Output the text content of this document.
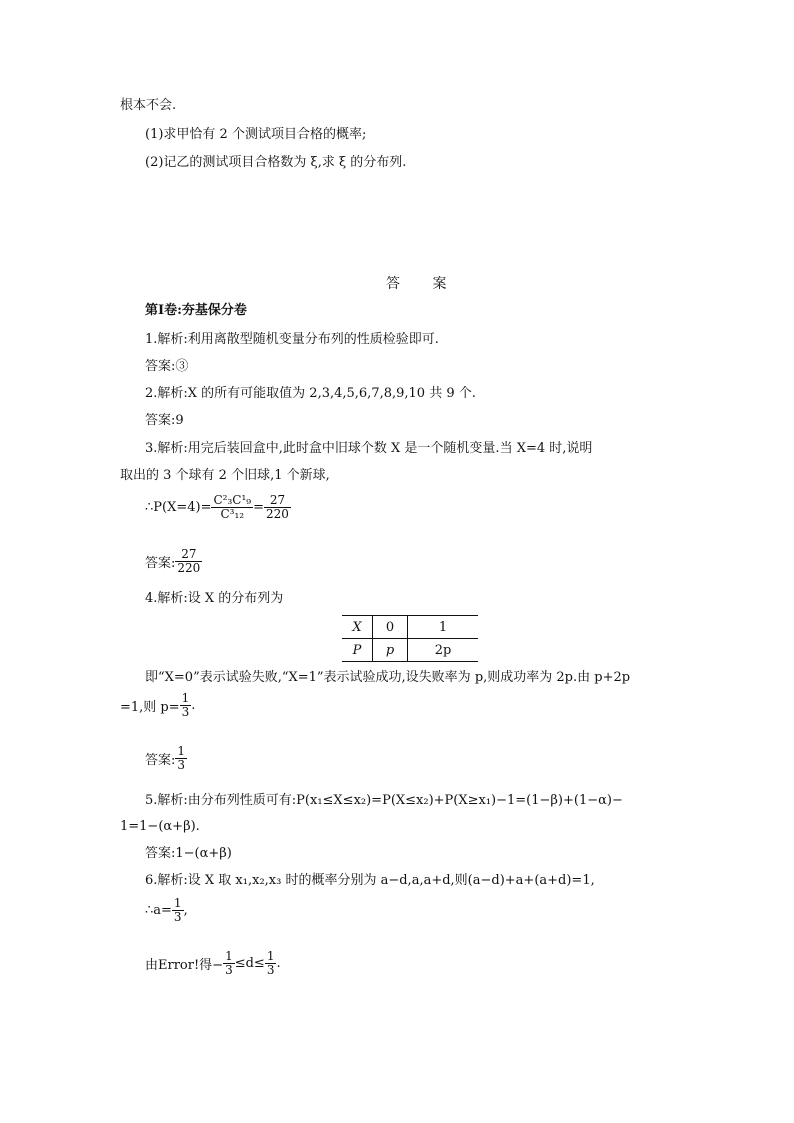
根本不会.
(1)求甲恰有 2 个测试项目合格的概率;
(2)记乙的测试项目合格数为 ξ,求 ξ 的分布列.
答 案
第Ⅰ卷:夯基保分卷
1.解析:利用离散型随机变量分布列的性质检验即可.
答案:③
2.解析:X 的所有可能取值为 2,3,4,5,6,7,8,9,10 共 9 个.
答案:9
3.解析:用完后装回盒中,此时盒中旧球个数 X 是一个随机变量.当 X=4 时,说明
取出的 3 个球有 2 个旧球,1 个新球,
∴P(X=4)= $\frac{\text{C²₃C¹₉}}{\text{C³₁₂}} = \frac{27}{220}$
答案: $\frac{27}{220}$
4.解析:设 X 的分布列为
X	0	1
P	p	2p
即“X=0”表示试验失败,“X=1”表示试验成功,设失败率为 p,则成功率为 2p.由 p+2p
=1,则 $p= \frac{1}{3}$ .
答案: $\frac{1}{3}$
5.解析:由分布列性质可有:P(x₁≤X≤x₂)=P(X≤x₂)+P(X≥x₁)−1=(1−β)+(1−α)−
1=1−(α+β).
答案:1−(α+β)
6.解析:设 X 取 x₁,x₂,x₃ 时的概率分别为 a−d,a,a+d,则(a−d)+a+(a+d)=1,
∴a= $\frac{1}{3}$ ,
由Error!得− $\frac{1}{3} \le d\le \frac{1}{3}$ .
